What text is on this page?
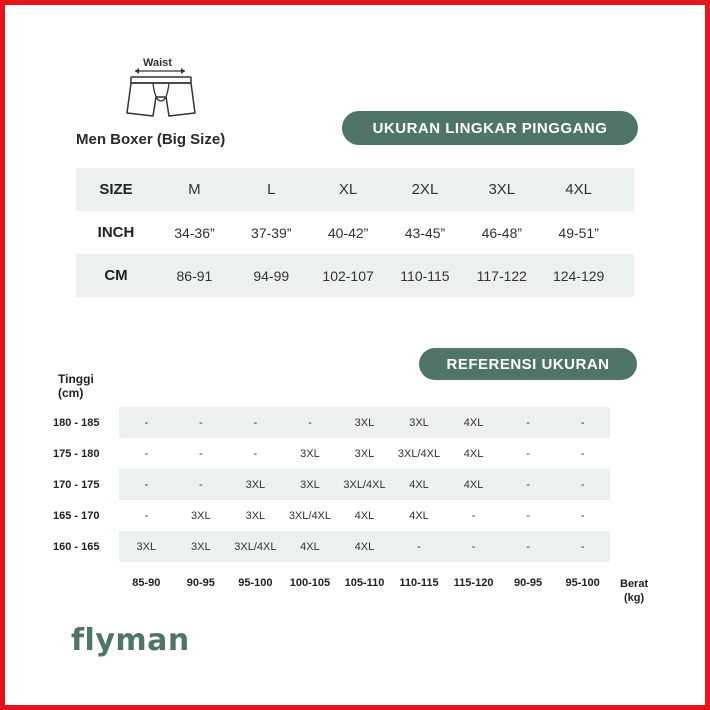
Waist
Men Boxer (Big Size)
UKURAN LINGKAR PINGGANG
SIZE	M	L	XL	2XL	3XL	4XL
INCH	34-36”	37-39”	40-42”	43-45”	46-48”	49-51”
CM	86-91	94-99	102-107	110-115	117-122	124-129
REFERENSI UKURAN
Tinggi
(cm)
180 - 185	-	-	-	-	3XL	3XL	4XL	-	-
175 - 180	-	-	-	3XL	3XL	3XL/4XL	4XL	-	-
170 - 175	-	-	3XL	3XL	3XL/4XL	4XL	4XL	-	-
165 - 170	-	3XL	3XL	3XL/4XL	4XL	4XL	-	-	-
160 - 165	3XL	3XL	3XL/4XL	4XL	4XL	-	-	-	-
85-90	90-95	95-100	100-105	105-110	110-115	115-120	90-95	95-100	Berat
(kg)
flyman
